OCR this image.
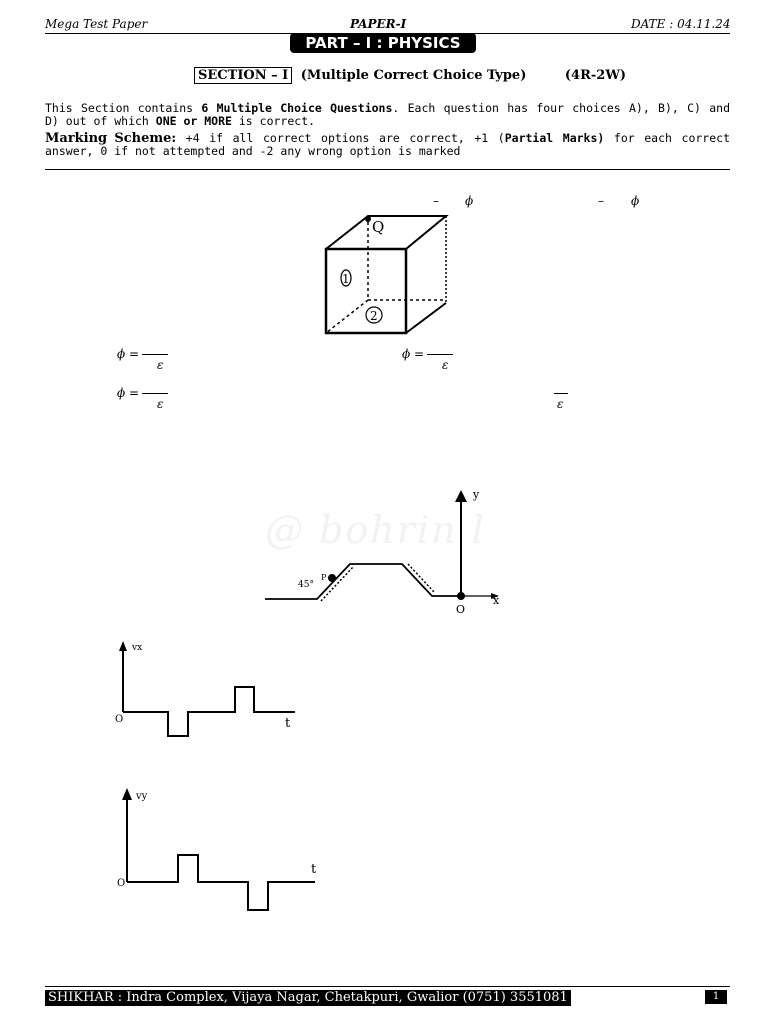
Mega Test Paper	PAPER-I	DATE : 04.11.24
PART – I : PHYSICS
SECTION – I (Multiple Correct Choice Type)	(4R-2W)
This Section contains 6 Multiple Choice Questions. Each question has four choices A), B), C) and D) out of which ONE or MORE is correct.
Marking Scheme: +4 if all correct options are correct, +1 (Partial Marks) for each correct answer, 0 if not attempted and -2 any wrong option is marked
– ϕ	– ϕ
Q
1
2
ϕ =
ε
ϕ =
ε
ϕ =
ε	ε
@ bohrin l
y
x
O
45°
P
vx
t
O
vy
t
O
SHIKHAR : Indra Complex, Vijaya Nagar, Chetakpuri, Gwalior (0751) 3551081	1
